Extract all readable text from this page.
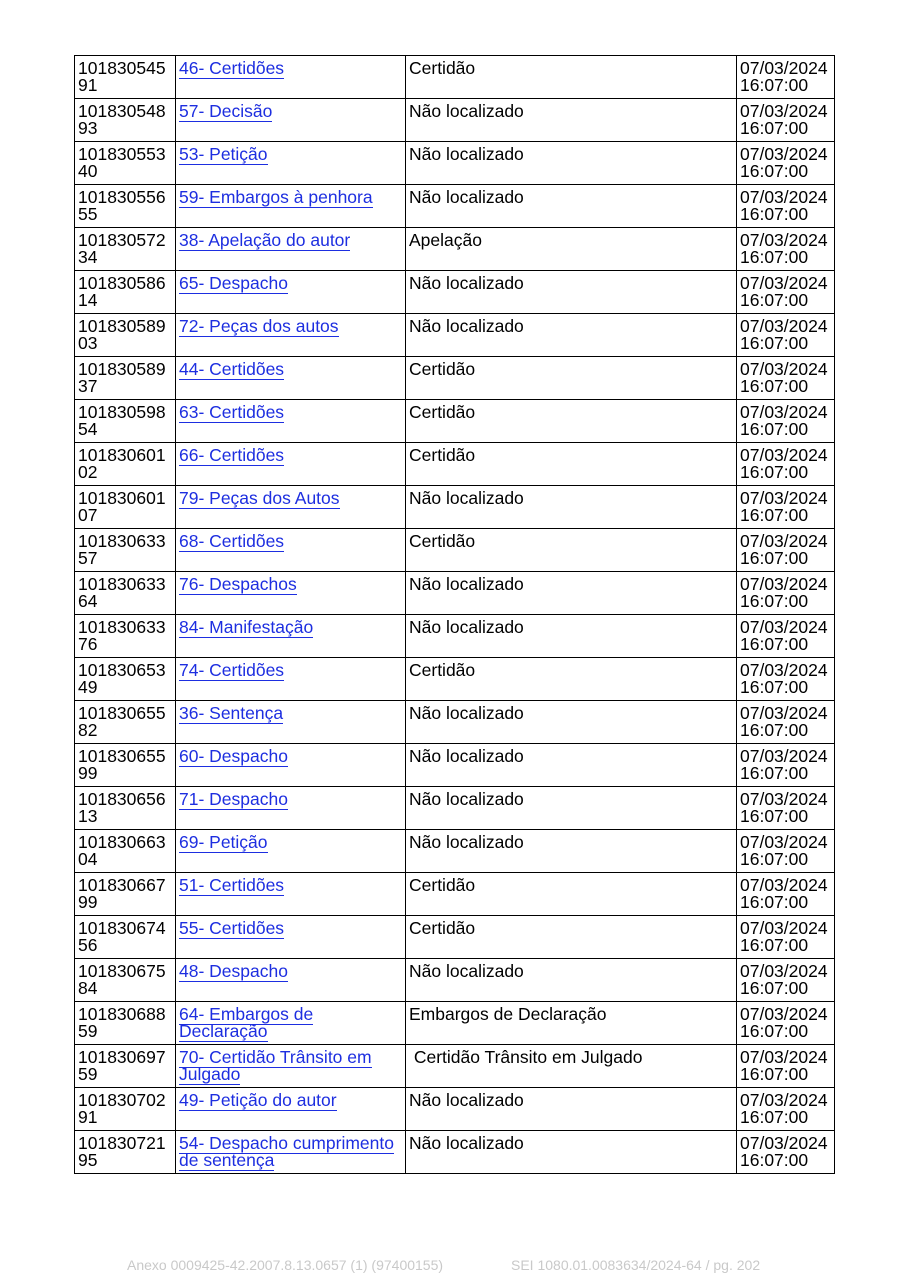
10183054591	46- Certidões	Certidão	07/03/2024 16:07:00
10183054893	57- Decisão	Não localizado	07/03/2024 16:07:00
10183055340	53- Petição	Não localizado	07/03/2024 16:07:00
10183055655	59- Embargos à penhora	Não localizado	07/03/2024 16:07:00
10183057234	38- Apelação do autor	Apelação	07/03/2024 16:07:00
10183058614	65- Despacho	Não localizado	07/03/2024 16:07:00
10183058903	72- Peças dos autos	Não localizado	07/03/2024 16:07:00
10183058937	44- Certidões	Certidão	07/03/2024 16:07:00
10183059854	63- Certidões	Certidão	07/03/2024 16:07:00
10183060102	66- Certidões	Certidão	07/03/2024 16:07:00
10183060107	79- Peças dos Autos	Não localizado	07/03/2024 16:07:00
10183063357	68- Certidões	Certidão	07/03/2024 16:07:00
10183063364	76- Despachos	Não localizado	07/03/2024 16:07:00
10183063376	84- Manifestação	Não localizado	07/03/2024 16:07:00
10183065349	74- Certidões	Certidão	07/03/2024 16:07:00
10183065582	36- Sentença	Não localizado	07/03/2024 16:07:00
10183065599	60- Despacho	Não localizado	07/03/2024 16:07:00
10183065613	71- Despacho	Não localizado	07/03/2024 16:07:00
10183066304	69- Petição	Não localizado	07/03/2024 16:07:00
10183066799	51- Certidões	Certidão	07/03/2024 16:07:00
10183067456	55- Certidões	Certidão	07/03/2024 16:07:00
10183067584	48- Despacho	Não localizado	07/03/2024 16:07:00
10183068859	64- Embargos de Declaração	Embargos de Declaração	07/03/2024 16:07:00
10183069759	70- Certidão Trânsito em Julgado	Certidão Trânsito em Julgado	07/03/2024 16:07:00
10183070291	49- Petição do autor	Não localizado	07/03/2024 16:07:00
10183072195	54- Despacho cumprimento de sentença	Não localizado	07/03/2024 16:07:00
Anexo 0009425-42.2007.8.13.0657 (1) (97400155)	SEI 1080.01.0083634/2024-64 / pg. 202
